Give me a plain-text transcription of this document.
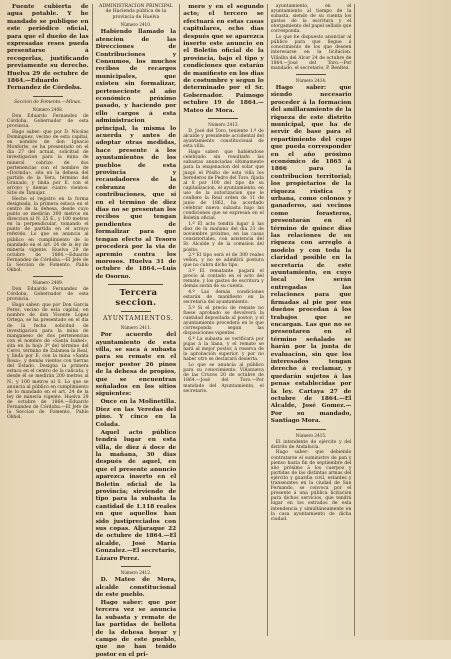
Fuente cubierta de agua potable. Y he mandado se publique en este periódico oficial, para que el dueño de las expresadas reses pueda presentarse á recogerlas, justificando previamente su derecho. Huelva 29 de octubre de 1864.—Eduardo Fernandez de Córdoba.

Seccion de Fomento.—Minas.

Número 2408.

Don Eduardo Fernandez de Córdoba, Gobernador de esta provincia.

Hago saber: que por D. Nicolas Dominguez, vecino de esta capital, en nombre de don Ignacio Monforte, se ha presentado en el dia 27 del actual, solicitud de investigacion para la mina de mineral cobrizo de dos pertenencias con el nombre de «Dorinda», sita en la dehesa del partido de la Vera, término del Granado, y linda por E. con el arroyo y demas cuatro vientos: Sitio de Tamujar.

Hecho el registro en la forma designada, la primera estaca en el centro de la dehesa, desde cuyo punto se medirán 300 metros en direccion al N. 25 E., y 100 metros en la perpendicular, tomando el punto de partida en el arroyo referido. Lo que se anuncia al público en cumplimiento de lo mandado en el art. 24 de la ley de minería vigente. Huelva 28 de octubre de 1864.—Eduardo Fernandez de Córdoba.—El Jefe de la Seccion de Fomento, Pablo Okhol.

Número 2409.

Don Eduardo Fernandez de Córdoba, Gobernador de esta provincia.

Hago saber: que por Don García Perez, vecino de esta capital, en nombre de don Vicente Lopez Ortega, se ha presentado en el dia de la fecha solicitud de investigacion para la mina de manganeso de dos pertenencias con el nombre de «Santa Isabel», sita en la hoja 3ª del término del Cerro, término de Zalamea la Real, y linda por E. con la mina «Santa Rosa», y demás vientos con tierras del Estado. Designa la primera estaca en el centro de la calicata, y desde él se medirán 200 metros al N., y 100 metros al S. Lo que se anuncia al público en cumplimiento de lo mandado en el art. 24 de la ley de minería vigente. Huelva 28 de octubre de 1864.—Eduardo Fernandez de Córdoba.—El Jefe de la Seccion de Fomento, Pablo Okhol.

ADMINISTRACION PRINCIPAL de Hacienda pública de la provincia de Huelva

Número 2410.

Habiendo llamado la atencion de las Direcciones de Contribuciones y Consumos, los muchos recibos de recargos municipales, que existen sin formalizar, perteneciente al año económico próximo pasado, y haciendo por ello cargos á esta administracion principal, la misma lo acuerda y antes de adoptar otras medidas, hace presente á los ayuntamientos de los pueblos de esta provincia y recaudadores de la cobranza de contribuciones, que si en el término de diez dias no se presentan los recibos que tengan pendientes de formalizar para que tengan efecto al Tesoro procederá por la via de apremio contra los morosos. Huelva 31 de octubre de 1864.—Luis de Osorno.

Tercera seccion.

AYUNTAMIENTOS.

Número 2411.

Por acuerdo del ayuntamiento de esta villa, se saca á subasta para su remate en el mejor postor 26 pinos de la dehesa de propios, que se encuentran señalados en los sitios siguientes:

Once en la Molinetilla. Diez en las Veredas del pino. Y cinco en la Colada.

Aquel acto público tendrá lugar en esta villa, de diez á doce de la mañana, 30 días después de aquel, en que el presente anuncio aparezca inserto en el Boletin oficial de la provincia; sirviendo de tipo para la subasta la cantidad de 1.118 reales en que aquellos han sido justipreciados con sus copas. Aljaraque 22 de octubre de 1864.—El alcalde, José María Gonzalez.—El secretario, Lázaro Perez.

Número 2412.

D. Mateo de Mora, alcalde constitucional de este pueblo.

Hago saber: que por tercera vez se anuncia la subasta y remate de las partidas de bellota de la dehesa boyar y campo de este pueblo, que no han tenido postor en el pri-

mero y en el segundo acto; el tercero se efectuará en estas casas capitulares, ocho días después que se aparezca inserto este anuncio en el Boletin oficial de la provincia, bajo el tipo y condiciones que estarán de manifiesto en los dias de costumbre y segun lo determinado por el Sr. Gobernador. Paimogo octubre 19 de 1864.—Mateo de Mora.

Número 2413.

D. José del Toro, teniente 1.º de alcalde y presidente accidental del ayuntamiento constitucional de esta villa.

Hago saber: que habiéndose celebrado sin resultado las subastas anunciadas últimamente para la enajenacion del solar que juzgó el Pósito de esta villa los herederos de Pedro del Toro, fijada al 8 por 100 del tipo de su capitalizacion, el ayuntamiento, en uso de la autorizacion que le confiere la Real orden de 11 de junio de 1862, ha acordado celebrar nueva subasta bajo las condiciones que se expresan en el Boletin oficial.

1.º El acto tendrá lugar á las diez de la mañana del dia 21 de noviembre próximo, en las casas consistoriales, con asistencia del Sr. Alcalde y de la comision del pósito.

2.º El tipo será el de 300 reales vellon, y no se admitirá postura que no cubra dicho tipo.

3.º El rematante pagará el precio al contado en el acto del remate, y los gastos de escritura y demás serán de su cuenta.

4.º Las demás condiciones estarán de manifiesto en la secretaría del ayuntamiento.

5.º Si el precio de remate no fuese aprobado se devolverá la cantidad depositada al postor; y el ayuntamiento procederá en lo que corresponda segun las disposiciones vigentes.

6.º La subasta se verificará por pujas á la llana, y el remate se hará al mejor postor, á reserva de la aprobación superior, y por no haber otro se declarará desierta.

Lo que se anuncia al público para su conocimiento. Villanueva de las Cruces 20 de octubre de 1864.—José del Toro.—Por mandado del Ayuntamiento, el secretario.

ayuntamiento, en el ayuntamiento al tiempo de la subasta, siendo de su cuenta los gastos de la escritura y el otorgamiento del papel sellado que corresponda.

Lo que he dispuesto anunciar al público para que llegue á conocimiento de los que deseen interesarse en la licitacion. Villalba del Alcor 24 de octubre de 1864.—José del Toro.—Por mandado, el secretario, P. Benítez.

Número 2414.

Hago saber: que siendo necesario proceder á la formacion del amillaramiento de la riqueza de este distrito municipal, que ha de servir de base para el repartimiento del cupo que pueda corresponder en el año próximo económico de 1865 á 1866 para la contribucion territorial; los propietarios de la riqueza rústica y urbana, como colonos y ganaderos, así vecinos como forasteros, presentarán en el término de quince dias las relaciones de su riqueza con arreglo á modelo y con toda la claridad posible en la secretaría de este ayuntamiento, en cuyo local les serán entregadas las relaciones para que firmadas al pie por sus dueños procedan á los trabajos que se encargan. Las que no se presentaren en el término señalado se harán por la junta de evaluacion, sin que los interesados tengan derecho á reclamar, y quedarán sujetos á las penas establecidas por la ley. Cartaya 27 de octubre de 1864.—El Alcalde, José Gomez.—Por su mandado, Santiago Mora.

Número 2415.

El intendente de ejército y del distrito de Andalucía.

Hago saber: que debiendo contratarse el suministro de pan y pienso hasta fin de septiembre del año próximo á los cuerpos y partidas de las distintas armas del ejército y guardia civil, estantes y transeuntes en la ciudad de San Fernando, se convoca por el presente á una pública licitacion para dichos servicios, que tendrá lugar en los estrados de esta intendencia y simultáneamente en la casa ayuntamiento de dicha ciudad.
